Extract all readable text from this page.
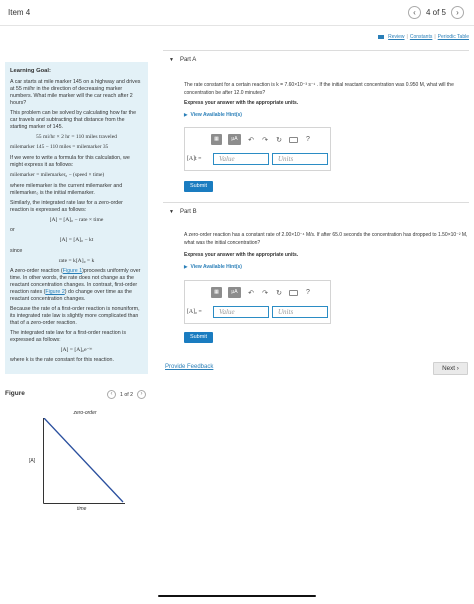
Item 4	‹	4 of 5	›

Learning Goal:

A car starts at mile marker 145 on a highway and drives at 55 mi/hr in the direction of decreasing marker numbers. What mile marker will the car reach after 2 hours?

This problem can be solved by calculating how far the car travels and subtracting that distance from the starting marker of 145.

55 mi/hr × 2 hr = 110 miles traveled
milemarker 145 − 110 miles = milemarker 35

If we were to write a formula for this calculation, we might express it as follows:

milemarker = milemarker₀ − (speed × time)

where milemarker is the current milemarker and milemarker₀ is the initial milemarker.

Similarly, the integrated rate law for a zero-order reaction is expressed as follows:

[A] = [A]₀ − rate × time

or

[A] = [A]₀ − kt

since

rate = k[A]₀ = k

A zero-order reaction (Figure 1)proceeds uniformly over time. In other words, the rate does not change as the reactant concentration changes. In contrast, first-order reaction rates (Figure 2) do change over time as the reactant concentration changes.

Because the rate of a first-order reaction is nonuniform, its integrated rate law is slightly more complicated than that of a zero-order reaction.

The integrated rate law for a first-order reaction is expressed as follows:

[A] = [A]₀e⁻ᵏᵗ

where k is the rate constant for this reaction.

Figure	‹	1 of 2	›
zero-order
[A]
time
Review | Constants | Periodic Table
▼ Part A
The rate constant for a certain reaction is k = 7.60×10⁻³ s⁻¹ . If the initial reactant concentration was 0.950 M, what will the concentration be after 12.0 minutes?
Express your answer with the appropriate units.
▶ View Available Hint(s)
▦	μA	↶ ↷ ↻	?
[A]t =	Value	Units
Submit
▼ Part B
A zero-order reaction has a constant rate of 2.00×10⁻⁴ M/s. If after 65.0 seconds the concentration has dropped to 1.50×10⁻² M, what was the initial concentration?
Express your answer with the appropriate units.
▶ View Available Hint(s)
▦	μA	↶ ↷ ↻	?
[A]₀ =	Value	Units
Submit
Provide Feedback	Next ›
